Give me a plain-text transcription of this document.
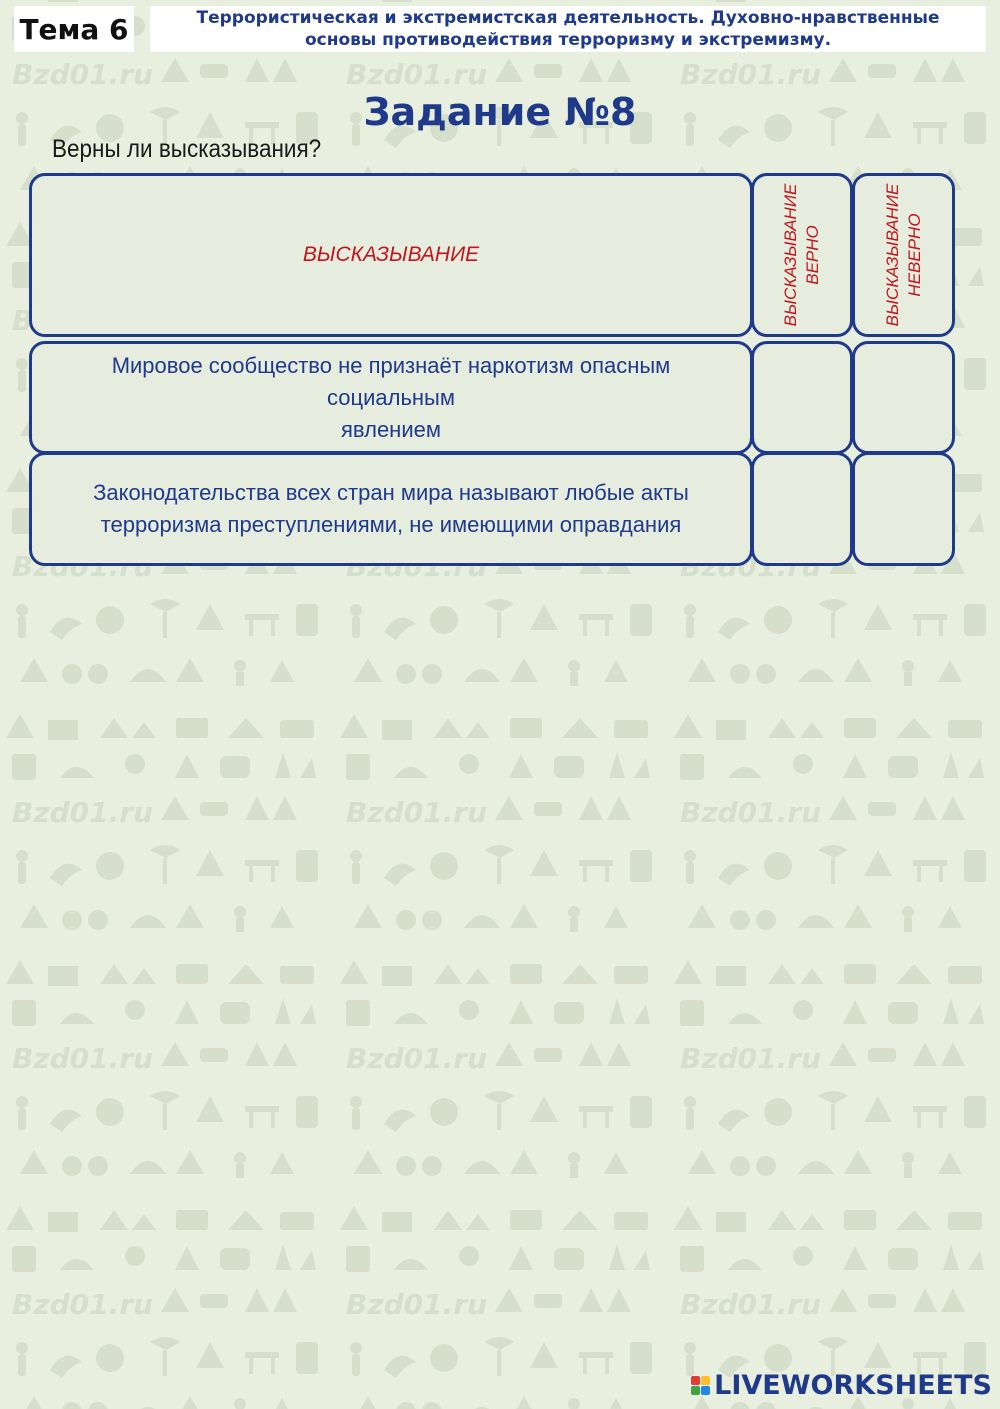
Тема 6	Террористическая и экстремистская деятельность. Духовно-нравственные
основы противодействия терроризму и экстремизму.
Задание №8
Верны ли высказывания?
ВЫСКАЗЫВАНИЕ	ВЫСКАЗЫВАНИЕ ВЕРНО	ВЫСКАЗЫВАНИЕ НЕВЕРНО
Мировое сообщество не признаёт наркотизм опасным социальным
явлением
Законодательства всех стран мира называют любые акты
терроризма преступлениями, не имеющими оправдания
LIVEWORKSHEETS
